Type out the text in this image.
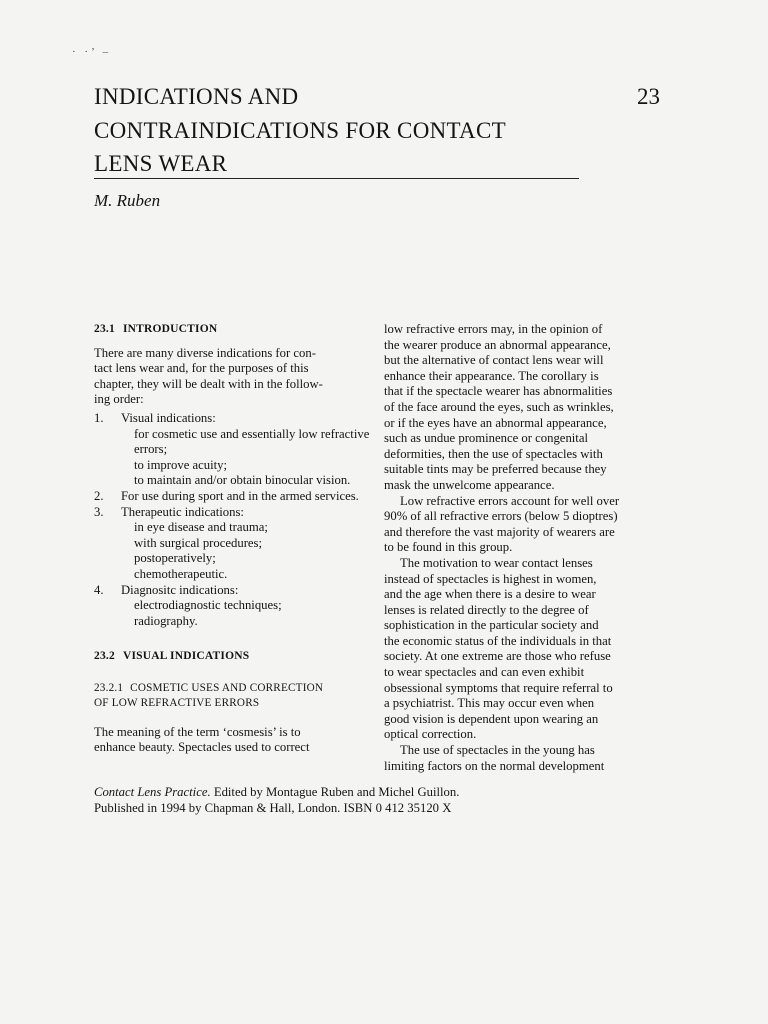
· ·’ –
INDICATIONS AND
CONTRAINDICATIONS FOR CONTACT
LENS WEAR
23
M. Ruben

23.1 INTRODUCTION

There are many diverse indications for con-
tact lens wear and, for the purposes of this
chapter, they will be dealt with in the follow-
ing order:

1. Visual indications:
for cosmetic use and essentially low refractive errors;
to improve acuity;
to maintain and/or obtain binocular vision.
2. For use during sport and in the armed services.
3. Therapeutic indications:
in eye disease and trauma;
with surgical procedures;
postoperatively;
chemotherapeutic.
4. Diagnositc indications:
electrodiagnostic techniques;
radiography.

23.2 VISUAL INDICATIONS

23.2.1 COSMETIC USES AND CORRECTION
OF LOW REFRACTIVE ERRORS

The meaning of the term ‘cosmesis’ is to
enhance beauty. Spectacles used to correct

low refractive errors may, in the opinion of
the wearer produce an abnormal appearance,
but the alternative of contact lens wear will
enhance their appearance. The corollary is
that if the spectacle wearer has abnormalities
of the face around the eyes, such as wrinkles,
or if the eyes have an abnormal appearance,
such as undue prominence or congenital
deformities, then the use of spectacles with
suitable tints may be preferred because they
mask the unwelcome appearance.

Low refractive errors account for well over
90% of all refractive errors (below 5 dioptres)
and therefore the vast majority of wearers are
to be found in this group.

The motivation to wear contact lenses
instead of spectacles is highest in women,
and the age when there is a desire to wear
lenses is related directly to the degree of
sophistication in the particular society and
the economic status of the individuals in that
society. At one extreme are those who refuse
to wear spectacles and can even exhibit
obsessional symptoms that require referral to
a psychiatrist. This may occur even when
good vision is dependent upon wearing an
optical correction.

The use of spectacles in the young has
limiting factors on the normal development

Contact Lens Practice. Edited by Montague Ruben and Michel Guillon.
Published in 1994 by Chapman & Hall, London. ISBN 0 412 35120 X
